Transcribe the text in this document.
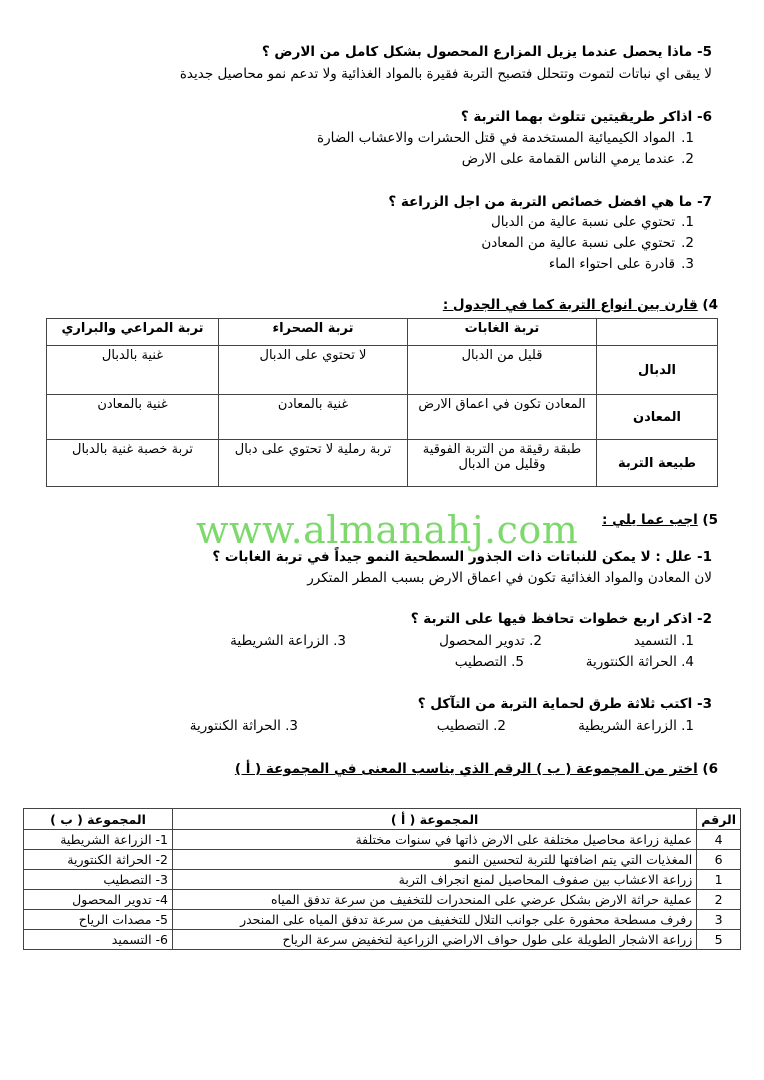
5- ماذا يحصل عندما يزيل المزارع المحصول بشكل كامل من الارض ؟
لا يبقى اي نباتات لتموت وتتحلل فتصبح التربة فقيرة بالمواد الغذائية ولا تدعم نمو محاصيل جديدة
6- اذاكر طريقيتين تتلوث بهما التربة ؟
1.المواد الكيميائية المستخدمة في قتل الحشرات والاعشاب الضارة
2.عندما يرمي الناس القمامة على الارض
7- ما هي افضل خصائص التربة من اجل الزراعة ؟
1.تحتوي على نسبة عالية من الدبال
2.تحتوي على نسبة عالية من المعادن
3.قادرة على احتواء الماء
4) قارن بين انواع التربة كما في الجدول :
	تربة الغابات	تربة الصحراء	تربة المراعي والبراري
الدبال	قليل من الدبال	لا تحتوي على الدبال	غنية بالدبال
المعادن	المعادن تكون في اعماق الارض	غنية بالمعادن	غنية بالمعادن
طبيعة التربة	طبقة رقيقة من التربة الفوقية وقليل من الدبال	تربة رملية لا تحتوي على دبال	تربة خصبة غنية بالدبال
www.almanahj.com	5) اجب عما يلي :
1- علل : لا يمكن للنباتات ذات الجذور السطحية النمو جيداً في تربة الغابات ؟
لان المعادن والمواد الغذائية تكون في اعماق الارض بسبب المطر المتكرر
2- اذكر اربع خطوات تحافظ فيها على التربة ؟
1. التسميد
2. تدوير المحصول
3. الزراعة الشريطية
4. الحراثة الكنتورية
5. التصطيب
3- اكتب ثلاثة طرق لحماية التربة من التآكل ؟
1. الزراعة الشريطية
2. التصطيب
3. الحراثة الكنتورية
6) اختر من المجموعة ( ب ) الرقم الذي يناسب المعنى في المجموعة ( أ )
الرقم	المجموعة ( أ )	المجموعة ( ب )
4	عملية زراعة محاصيل مختلفة على الارض ذاتها في سنوات مختلفة	1- الزراعة الشريطية
6	المغذيات التي يتم اضافتها للتربة لتحسين النمو	2- الحراثة الكنتورية
1	زراعة الاعشاب بين صفوف المحاصيل لمنع انجراف التربة	3- التصطيب
2	عملية حراثة الارض بشكل عرضي على المنحدرات للتخفيف من سرعة تدفق المياه	4- تدوير المحصول
3	رفرف مسطحة محفورة على جوانب التلال للتخفيف من سرعة تدفق المياه على المنحدر	5- مصدات الرياح
5	زراعة الاشجار الطويلة على طول حواف الاراضي الزراعية لتخفيض سرعة الرياح	6- التسميد
